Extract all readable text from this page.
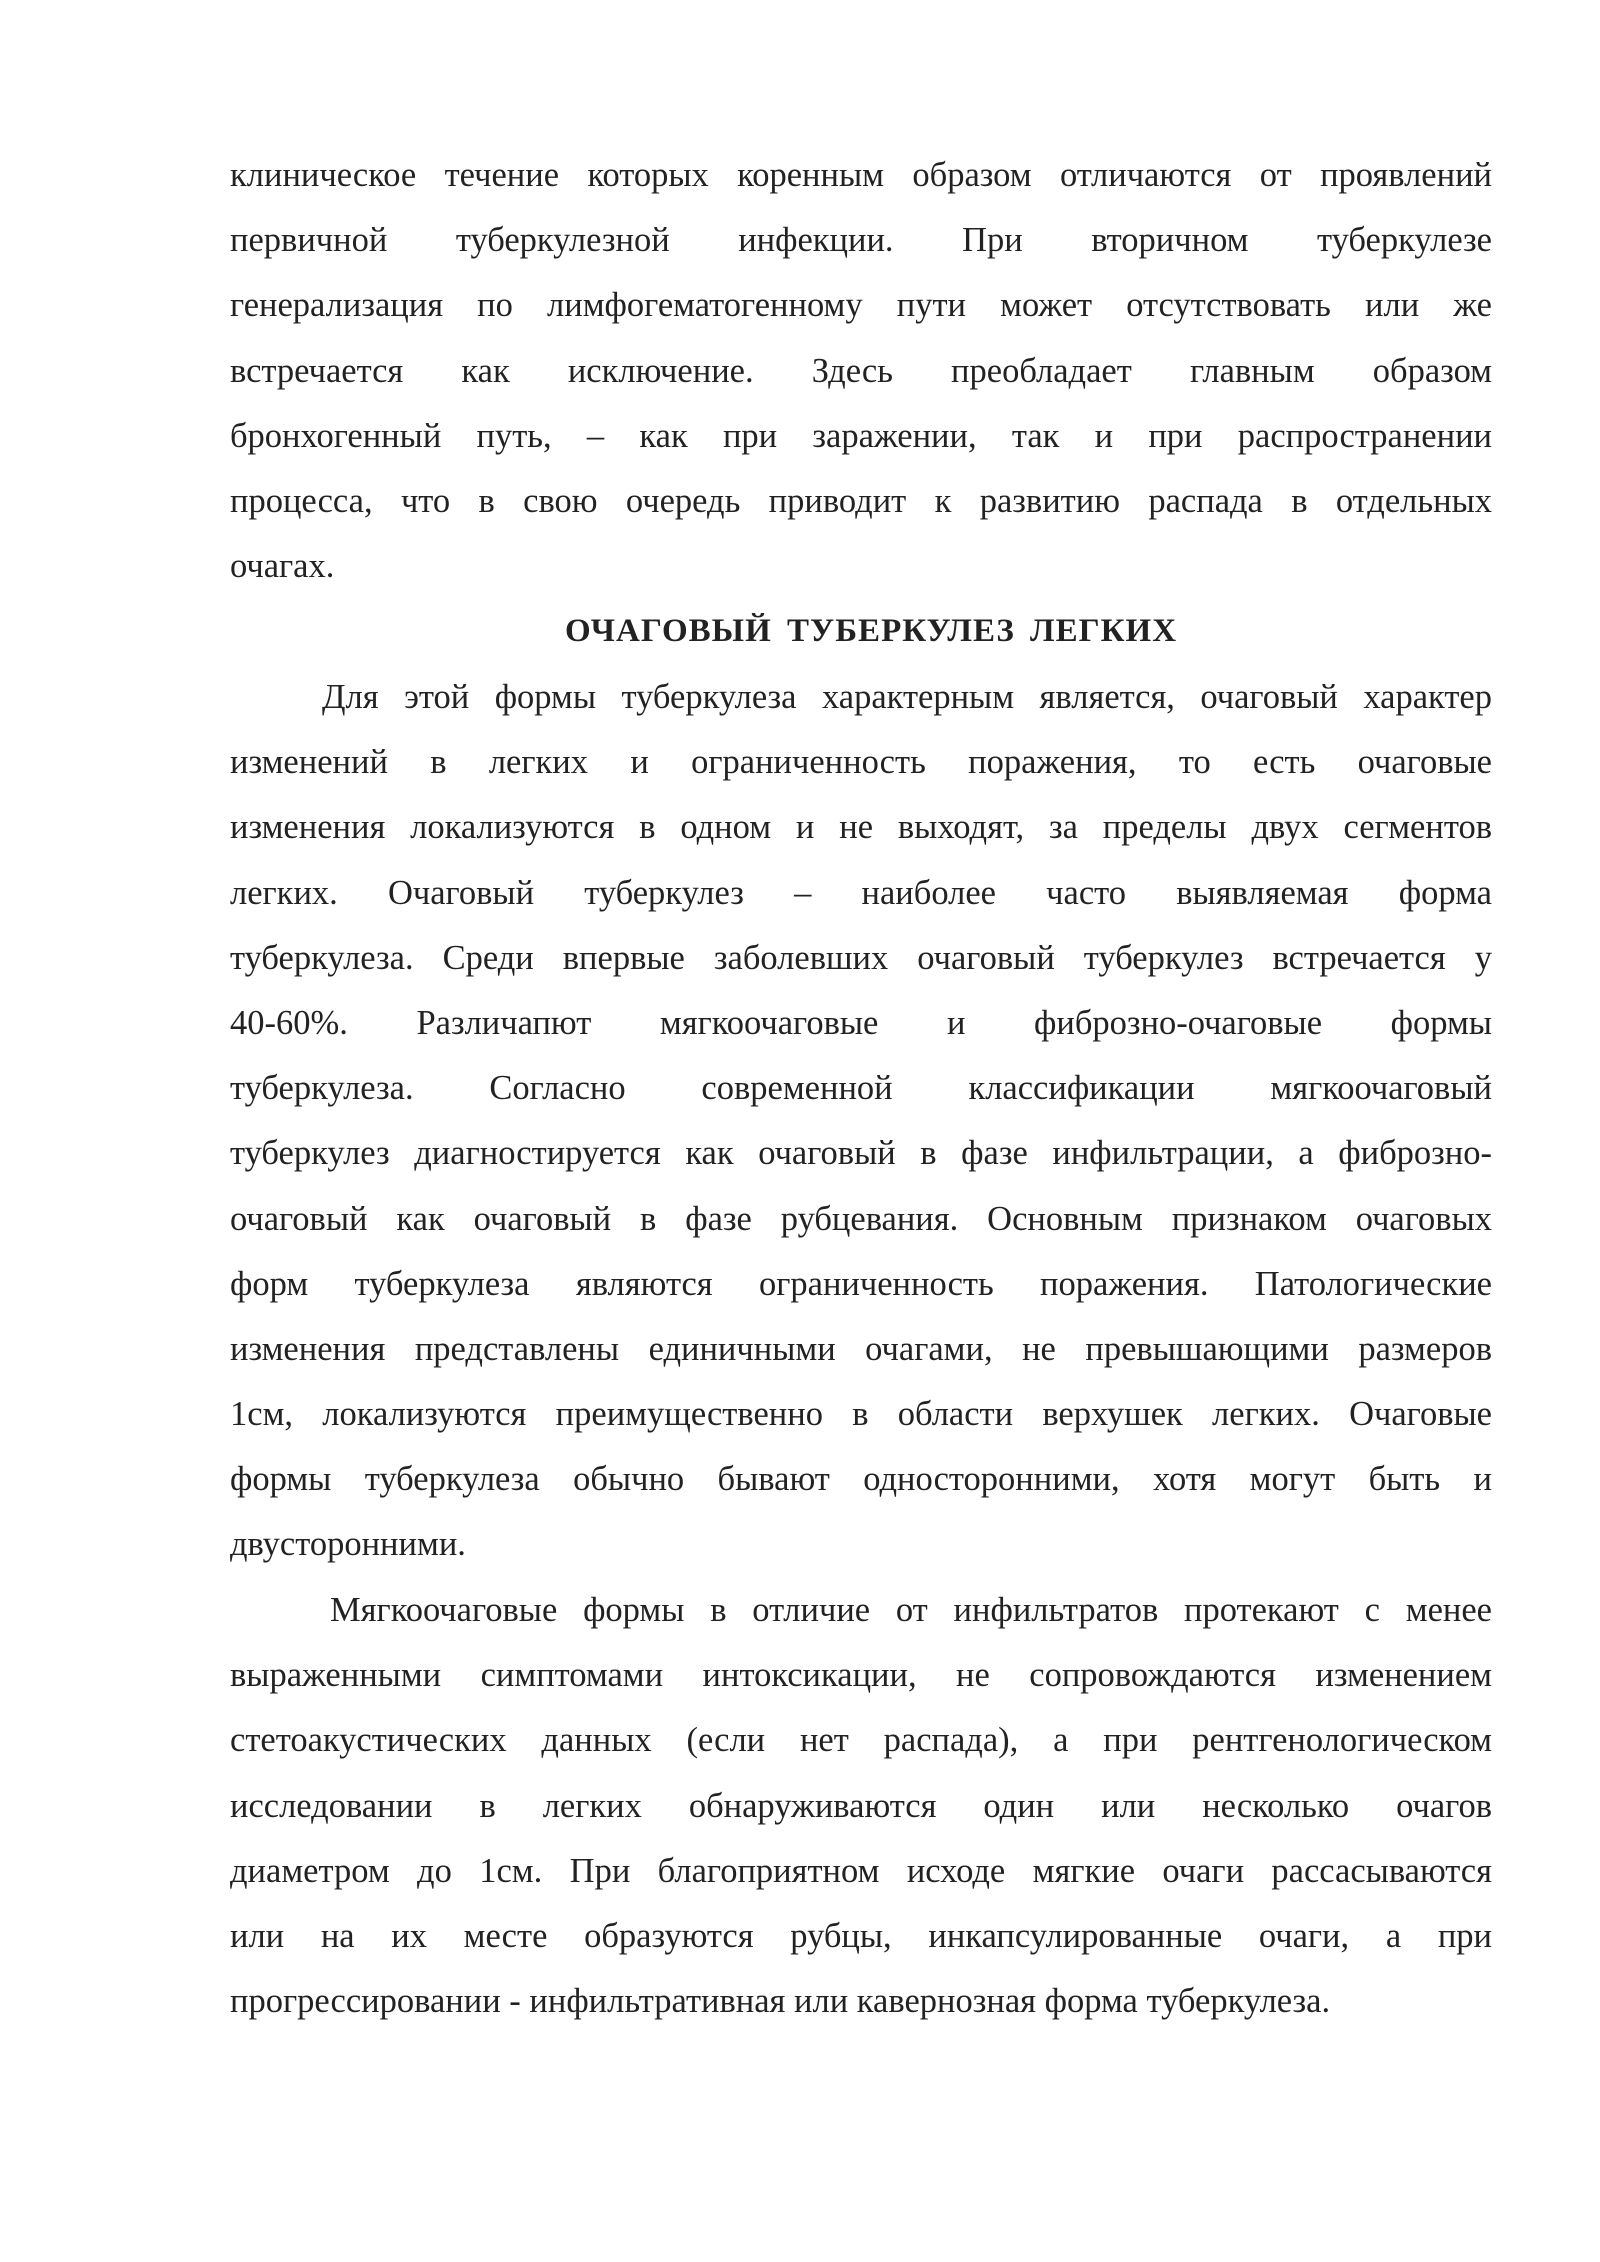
клиническое течение которых коренным образом отличаются от проявлений
первичной туберкулезной инфекции. При вторичном туберкулезе
генерализация по лимфогематогенному пути может отсутствовать или же
встречается как исключение. Здесь преобладает главным образом
бронхогенный путь, – как при заражении, так и при распространении
процесса, что в свою очередь приводит к развитию распада в отдельных
очагах.
ОЧАГОВЫЙ ТУБЕРКУЛЕЗ ЛЕГКИХ
Для этой формы туберкулеза характерным является, очаговый характер
изменений в легких и ограниченность поражения, то есть очаговые
изменения локализуются в одном и не выходят, за пределы двух сегментов
легких. Очаговый туберкулез – наиболее часто выявляемая форма
туберкулеза. Среди впервые заболевших очаговый туберкулез встречается у
40-60%. Различапют мягкоочаговые и фиброзно-очаговые формы
туберкулеза. Согласно современной классификации мягкоочаговый
туберкулез диагностируется как очаговый в фазе инфильтрации, а фиброзно-
очаговый как очаговый в фазе рубцевания. Основным признаком очаговых
форм туберкулеза являются ограниченность поражения. Патологические
изменения представлены единичными очагами, не превышающими размеров
1см, локализуются преимущественно в области верхушек легких. Очаговые
формы туберкулеза обычно бывают односторонними, хотя могут быть и
двусторонними.
Мягкоочаговые формы в отличие от инфильтратов протекают с менее
выраженными симптомами интоксикации, не сопровождаются изменением
стетоакустических данных (если нет распада), а при рентгенологическом
исследовании в легких обнаруживаются один или несколько очагов
диаметром до 1см. При благоприятном исходе мягкие очаги рассасываются
или на их месте образуются рубцы, инкапсулированные очаги, а при
прогрессировании - инфильтративная или кавернозная форма туберкулеза.
